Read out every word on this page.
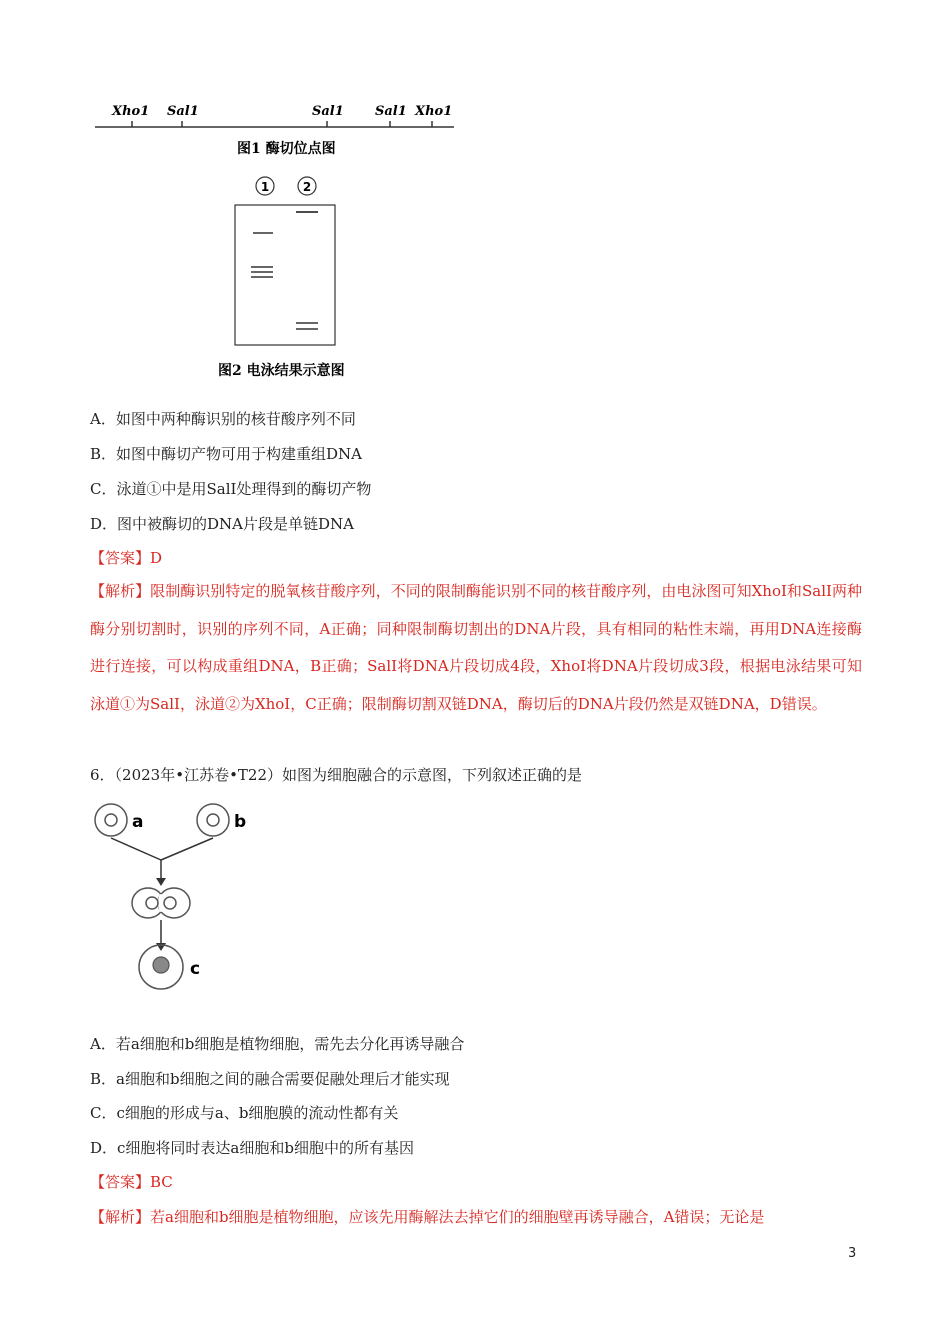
Xho1 Sal1	Sal1 Sal1 Xho1
图1 酶切位点图
1	2
图2 电泳结果示意图
A．如图中两种酶识别的核苷酸序列不同
B．如图中酶切产物可用于构建重组DNA
C．泳道①中是用SalI处理得到的酶切产物
D．图中被酶切的DNA片段是单链DNA
【答案】D
【解析】限制酶识别特定的脱氧核苷酸序列，不同的限制酶能识别不同的核苷酸序列，由电泳图可知XhoI和SalI两种酶分别切割时，识别的序列不同，A正确；同种限制酶切割出的DNA片段，具有相同的粘性末端，再用DNA连接酶进行连接，可以构成重组DNA，B正确；SalI将DNA片段切成4段，XhoI将DNA片段切成3段，根据电泳结果可知泳道①为SalI，泳道②为XhoI，C正确；限制酶切割双链DNA，酶切后的DNA片段仍然是双链DNA，D错误。
6．（2023年•江苏卷•T22）如图为细胞融合的示意图，下列叙述正确的是
a	b
c
A．若a细胞和b细胞是植物细胞，需先去分化再诱导融合
B．a细胞和b细胞之间的融合需要促融处理后才能实现
C．c细胞的形成与a、b细胞膜的流动性都有关
D．c细胞将同时表达a细胞和b细胞中的所有基因
【答案】BC
【解析】若a细胞和b细胞是植物细胞，应该先用酶解法去掉它们的细胞壁再诱导融合，A错误；无论是
3
